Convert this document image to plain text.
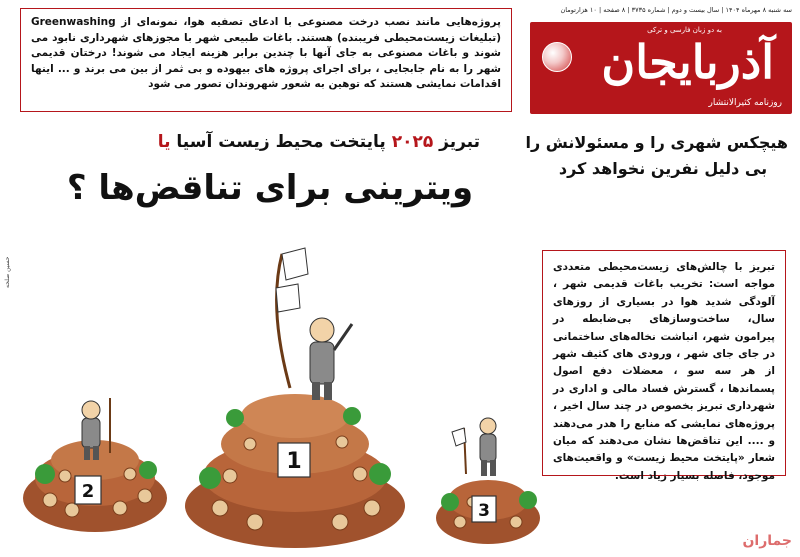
سه شنبه ۸ مهرماه ۱۴۰۴ | سال بیست و دوم | شماره ۳۷۳۵ | ۸ صفحه | ۱۰ هزارتومان
به دو زبان فارسی و ترکی
آذربایجان
روزنامه کثیرالانتشار

پروژه‌هایی مانند نصب درخت مصنوعی با ادعای تصفیه هوا، نمونه‌ای از Greenwashing (تبلیغات زیست‌محیطی فریبنده) هستند. باغات طبیعی شهر با مجوزهای شهرداری نابود می شوند و باغات مصنوعی به جای آنها با چندین برابر هزینه ایجاد می شوند! درختان قدیمی شهر را به نام جابجایی ، برای اجرای پروژه های بیهوده و بی ثمر از بین می برند و ... اینها اقدامات نمایشی هستند که توهین به شعور شهروندان تصور می شود

هیچکس شهری را و مسئولانش را

بی دلیل نفرین نخواهد کرد

تبریز ۲۰۲۵ پایتخت محیط زیست آسیا یا
ویترینی برای تناقض‌ها ؟

تبریز با چالش‌های زیست‌محیطی متعددی مواجه است: تخریب باغات قدیمی شهر ، آلودگی شدید هوا در بسیاری از روزهای سال، ساخت‌وسازهای بی‌ضابطه در پیرامون شهر، انباشت نخاله‌های ساختمانی در جای جای شهر ، ورودی های کثیف شهر از هر سه سو ، معضلات دفع اصول پسماندها ، گسترش فساد مالی و اداری در شهرداری تبریز بخصوص در چند سال اخیر ، پروژه‌های نمایشی که منابع را هدر می‌دهند و .... این تناقض‌ها نشان می‌دهند که میان شعار «پایتخت محیط زیست» و واقعیت‌های موجود، فاصله بسیار زیاد است.

حسین صلحه
2
1
3
جماران
